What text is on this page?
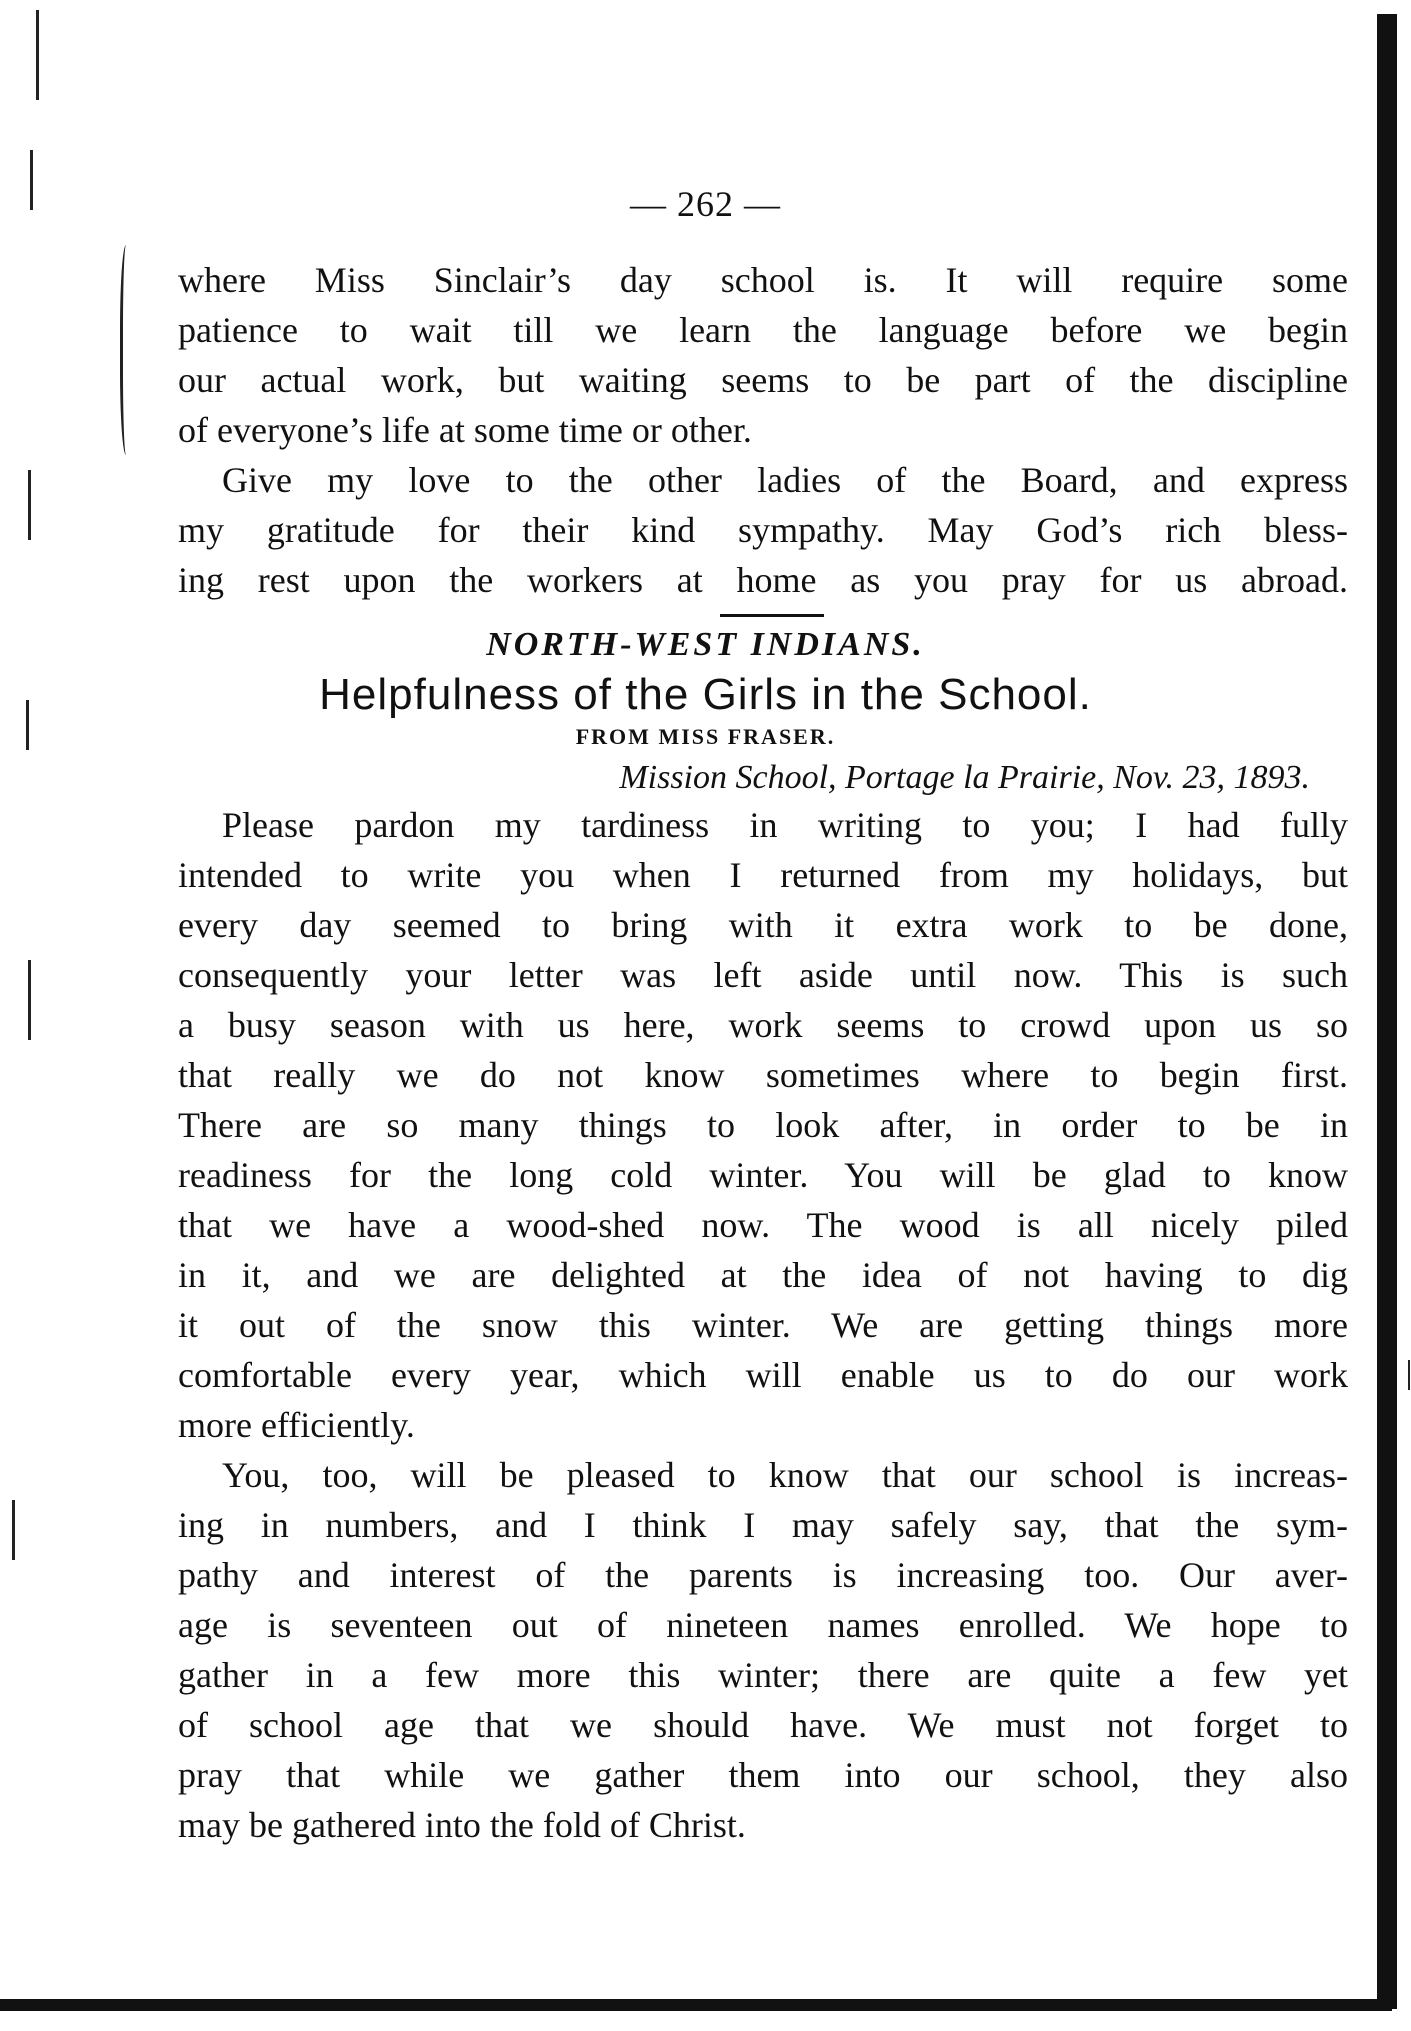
— 262 —
where Miss Sinclair’s day school is. It will require some
patience to wait till we learn the language before we begin
our actual work, but waiting seems to be part of the discipline
of everyone’s life at some time or other.
Give my love to the other ladies of the Board, and express
my gratitude for their kind sympathy. May God’s rich bless-
ing rest upon the workers at home as you pray for us abroad.
NORTH-WEST INDIANS.
Helpfulness of the Girls in the School.
FROM MISS FRASER.
Mission School, Portage la Prairie, Nov. 23, 1893.
Please pardon my tardiness in writing to you; I had fully
intended to write you when I returned from my holidays, but
every day seemed to bring with it extra work to be done,
consequently your letter was left aside until now. This is such
a busy season with us here, work seems to crowd upon us so
that really we do not know sometimes where to begin first.
There are so many things to look after, in order to be in
readiness for the long cold winter. You will be glad to know
that we have a wood-shed now. The wood is all nicely piled
in it, and we are delighted at the idea of not having to dig
it out of the snow this winter. We are getting things more
comfortable every year, which will enable us to do our work
more efficiently.
You, too, will be pleased to know that our school is increas-
ing in numbers, and I think I may safely say, that the sym-
pathy and interest of the parents is increasing too. Our aver-
age is seventeen out of nineteen names enrolled. We hope to
gather in a few more this winter; there are quite a few yet
of school age that we should have. We must not forget to
pray that while we gather them into our school, they also
may be gathered into the fold of Christ.
